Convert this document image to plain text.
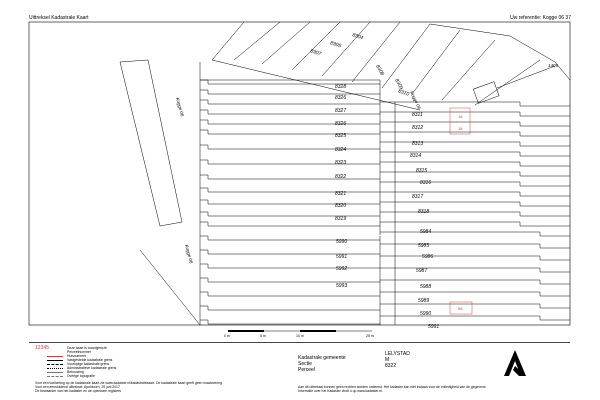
Uittreksel Kadastrale Kaart	Uw referentie: Kogge 06 37
Kogge 06
Kogge 06
Kogge 06
1405
8304
8305
8307
8308
8309
8310
16
18
56
0 m	5 m	10 m	25 m
8328
8326
8327
8326
8325
8324
8323
8322
8321
8320
8319
8311
8312
8313
8314
8315
8316
8317
8318
5990
5991
5992
5993
5984
5985
5986
5987
5988
5989
5990
5991
12345	Deze kaart is noordgericht
Perceelnummer
Huisnummer
Vastgestelde kadastrale grens
Voorlopige kadastrale grens
Administratieve kadastrale grens
Bebouwing
Overige topografie
Voor een toelichting op de kadastrale kaart zie www.kadaster.nl/kadastralekaart. De kadastrale kaart geeft geen maatvoering.
Voor een eensluidend uittreksel: Apeldoorn, 29 juni 2017
De bewaarder van het kadaster en de openbare registers
Kadastrale gemeente
LELYSTAD
Sectie
M
Perceel
8322
Aan dit uittreksel kunnen geen rechten worden ontleend. Het kadaster kan niet instaan voor de volledigheid van de gegevens. Informatie over het Kadaster vindt u op www.kadaster.nl.
